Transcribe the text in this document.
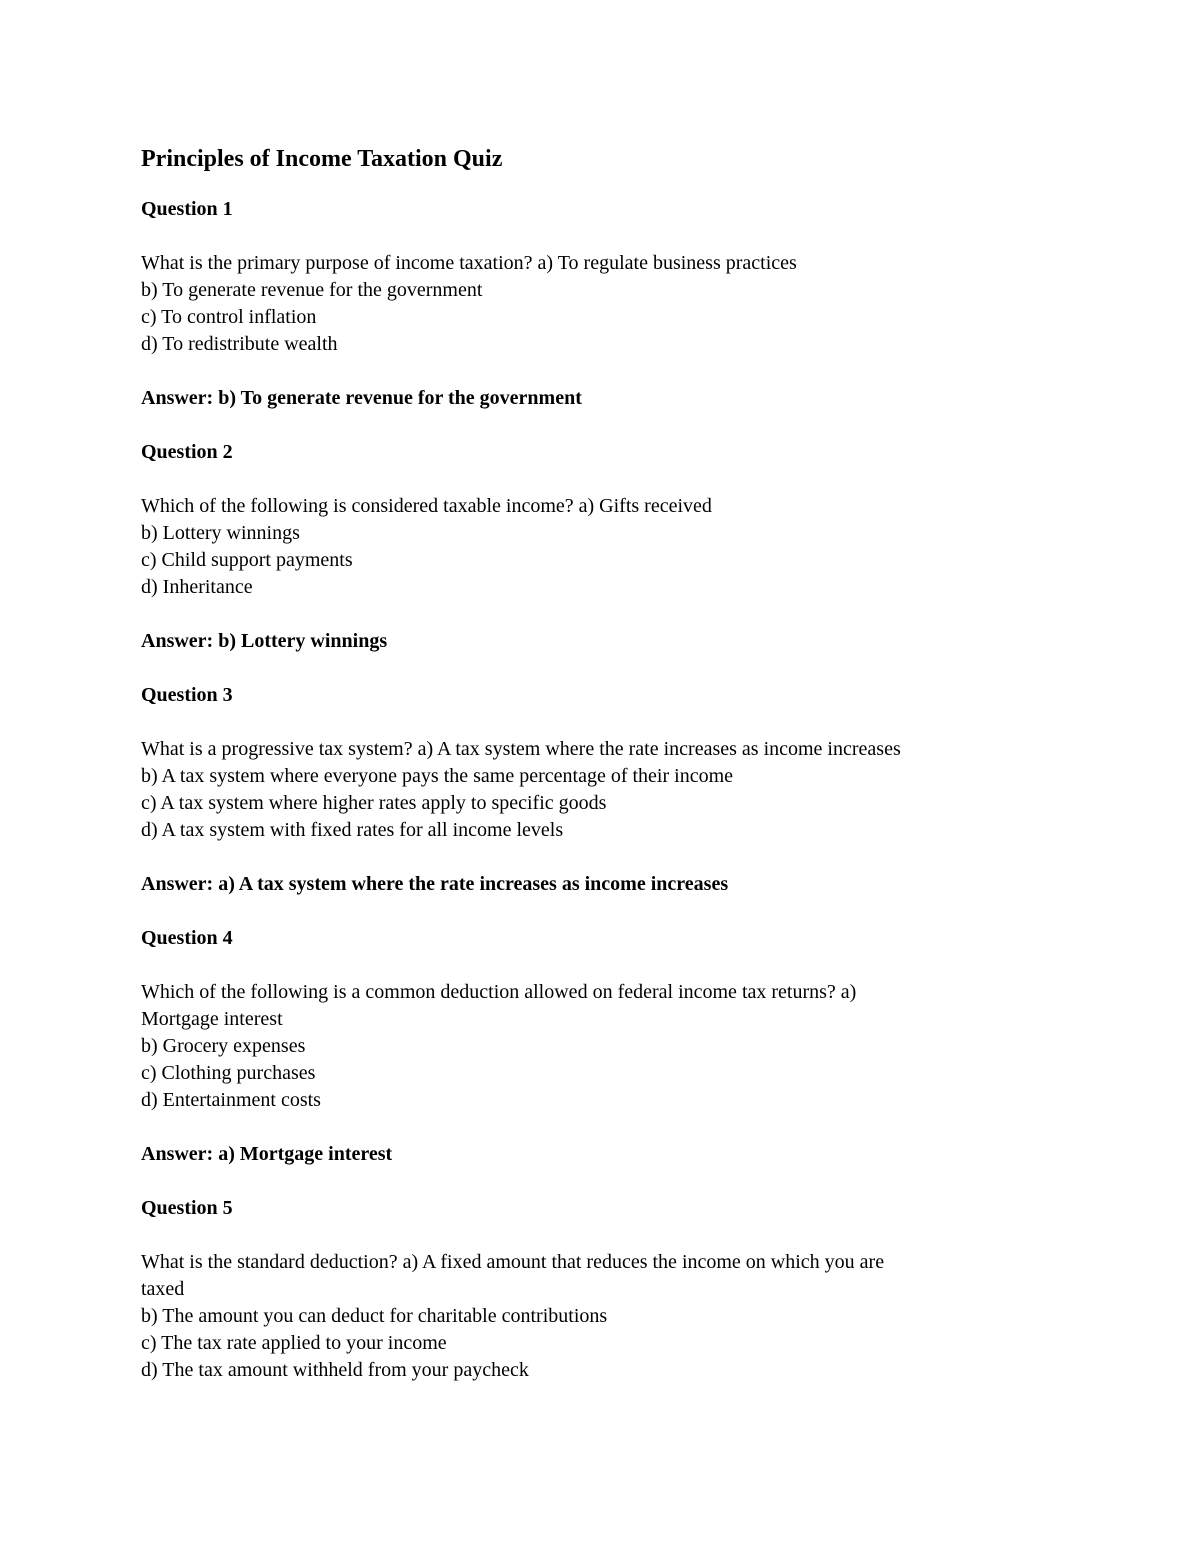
Principles of Income Taxation Quiz
Question 1
What is the primary purpose of income taxation? a) To regulate business practices
b) To generate revenue for the government
c) To control inflation
d) To redistribute wealth
Answer: b) To generate revenue for the government
Question 2
Which of the following is considered taxable income? a) Gifts received
b) Lottery winnings
c) Child support payments
d) Inheritance
Answer: b) Lottery winnings
Question 3
What is a progressive tax system? a) A tax system where the rate increases as income increases
b) A tax system where everyone pays the same percentage of their income
c) A tax system where higher rates apply to specific goods
d) A tax system with fixed rates for all income levels
Answer: a) A tax system where the rate increases as income increases
Question 4
Which of the following is a common deduction allowed on federal income tax returns? a)
Mortgage interest
b) Grocery expenses
c) Clothing purchases
d) Entertainment costs
Answer: a) Mortgage interest
Question 5
What is the standard deduction? a) A fixed amount that reduces the income on which you are
taxed
b) The amount you can deduct for charitable contributions
c) The tax rate applied to your income
d) The tax amount withheld from your paycheck
